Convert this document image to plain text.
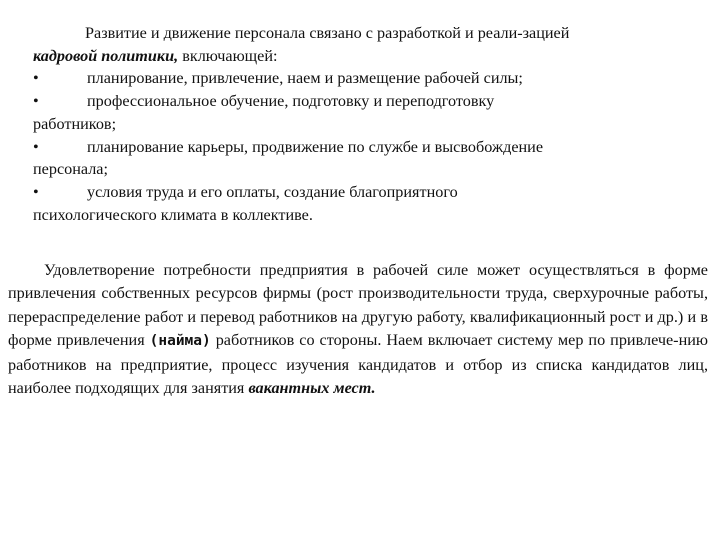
Развитие и движение персонала связано с разработкой и реали-зацией
кадровой политики, включающей:
•	планирование, привлечение, наем и размещение рабочей силы;
•	профессиональное обучение, подготовку и переподготовку
работников;
•	планирование карьеры, продвижение по службе и высвобождение
персонала;
•	условия труда и его оплаты, создание благоприятного
психологического климата в коллективе.
Удовлетворение потребности предприятия в рабочей силе может осуществляться в форме привлечения собственных ресурсов фирмы (рост производительности труда, сверхурочные работы, перераспределение работ и перевод работников на другую работу, квалификационный рост и др.) и в форме привлечения (найма) работников со стороны. Наем включает систему мер по привлече-нию работников на предприятие, процесс изучения кандидатов и отбор из списка кандидатов лиц, наиболее подходящих для занятия вакантных мест.
